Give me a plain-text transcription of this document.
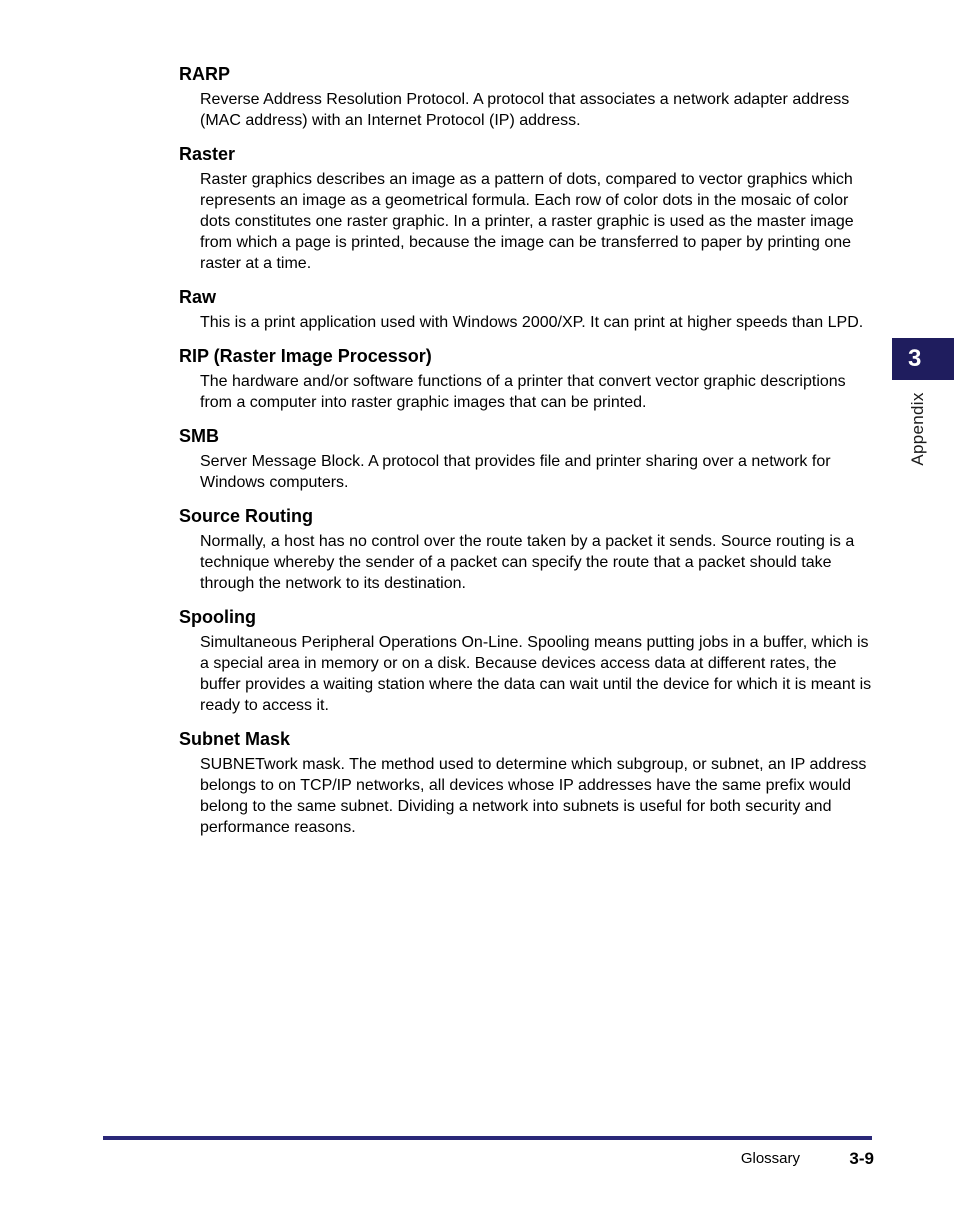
RARP
Reverse Address Resolution Protocol. A protocol that associates a network adapter address (MAC address) with an Internet Protocol (IP) address.
Raster
Raster graphics describes an image as a pattern of dots, compared to vector graphics which represents an image as a geometrical formula. Each row of color dots in the mosaic of color dots constitutes one raster graphic. In a printer, a raster graphic is used as the master image from which a page is printed, because the image can be transferred to paper by printing one raster at a time.
Raw
This is a print application used with Windows 2000/XP. It can print at higher speeds than LPD.
RIP (Raster Image Processor)
The hardware and/or software functions of a printer that convert vector graphic descriptions from a computer into raster graphic images that can be printed.
SMB
Server Message Block. A protocol that provides file and printer sharing over a network for Windows computers.
Source Routing
Normally, a host has no control over the route taken by a packet it sends. Source routing is a technique whereby the sender of a packet can specify the route that a packet should take through the network to its destination.
Spooling
Simultaneous Peripheral Operations On-Line. Spooling means putting jobs in a buffer, which is a special area in memory or on a disk. Because devices access data at different rates, the buffer provides a waiting station where the data can wait until the device for which it is meant is ready to access it.
Subnet Mask
SUBNETwork mask. The method used to determine which subgroup, or subnet, an IP address belongs to on TCP/IP networks, all devices whose IP addresses have the same prefix would belong to the same subnet. Dividing a network into subnets is useful for both security and performance reasons.
3
Appendix
Glossary	3-9
